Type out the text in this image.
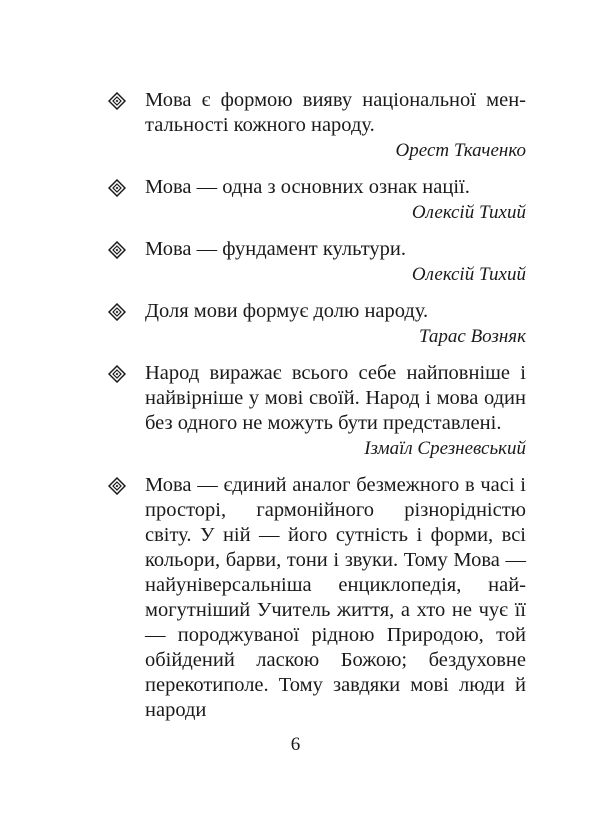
Мова є формою вияву національної ментальності кожного народу.
Орест Ткаченко
Мова — одна з основних ознак нації.
Олексій Тихий
Мова — фундамент культури.
Олексій Тихий
Доля мови формує долю народу.
Тарас Возняк
Народ виражає всього себе найповніше і найвірніше у мові своїй. Народ і мова один без одного не можуть бути представлені.
Ізмаїл Срезневський
Мова — єдиний аналог безмежного в часі і просторі, гармонійного різнорідністю світу. У ній — його сутність і форми, всі кольори, барви, тони і звуки. Тому Мова — найуніверсальніша енциклопедія, наймогутніший Учитель життя, а хто не чує її — породжуваної рідною Природою, той обійдений ласкою Божою; бездуховне перекотиполе. Тому завдяки мові люди й народи
6
